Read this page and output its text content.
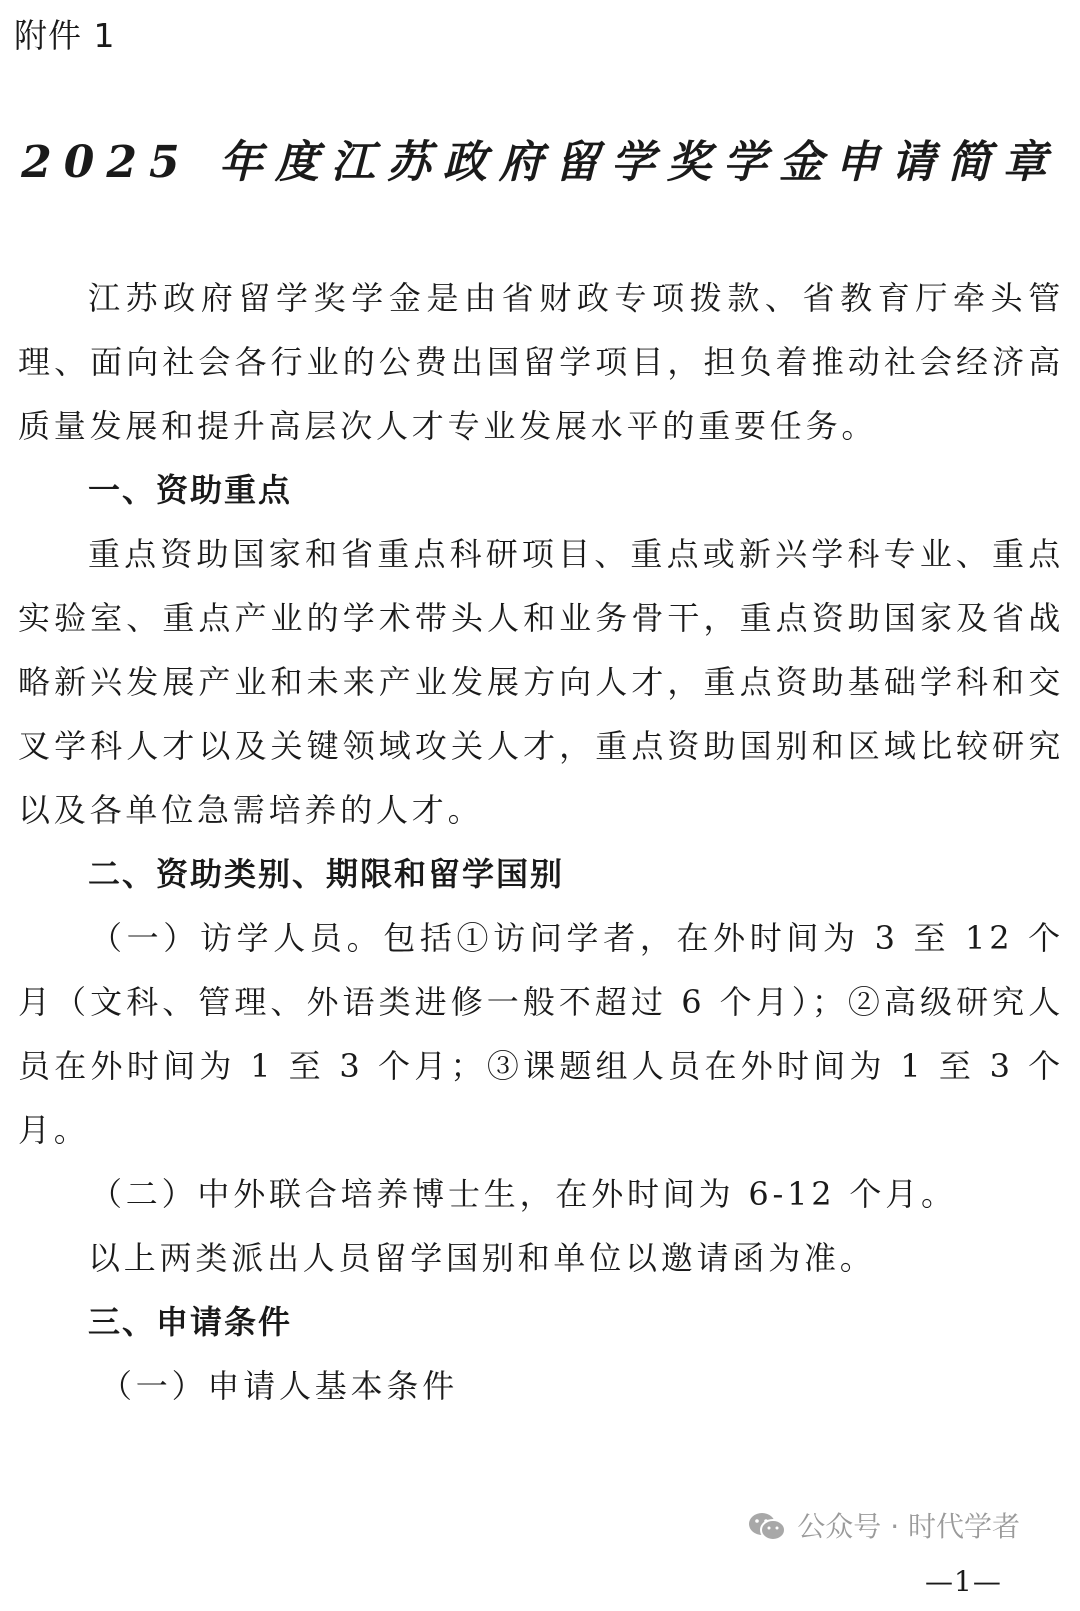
附件 1
2025 年度江苏政府留学奖学金申请简章

江苏政府留学奖学金是由省财政专项拨款、省教育厅牵头管理、面向社会各行业的公费出国留学项目，担负着推动社会经济高质量发展和提升高层次人才专业发展水平的重要任务。

一、资助重点

重点资助国家和省重点科研项目、重点或新兴学科专业、重点实验室、重点产业的学术带头人和业务骨干，重点资助国家及省战略新兴发展产业和未来产业发展方向人才，重点资助基础学科和交叉学科人才以及关键领域攻关人才，重点资助国别和区域比较研究以及各单位急需培养的人才。

二、资助类别、期限和留学国别

（一）访学人员。包括①访问学者，在外时间为 3 至 12 个月（文科、管理、外语类进修一般不超过 6 个月）；②高级研究人员在外时间为 1 至 3 个月；③课题组人员在外时间为 1 至 3 个月。

（二）中外联合培养博士生，在外时间为 6-12 个月。

以上两类派出人员留学国别和单位以邀请函为准。

三、申请条件

（一）申请人基本条件

公众号 · 时代学者
—1—
